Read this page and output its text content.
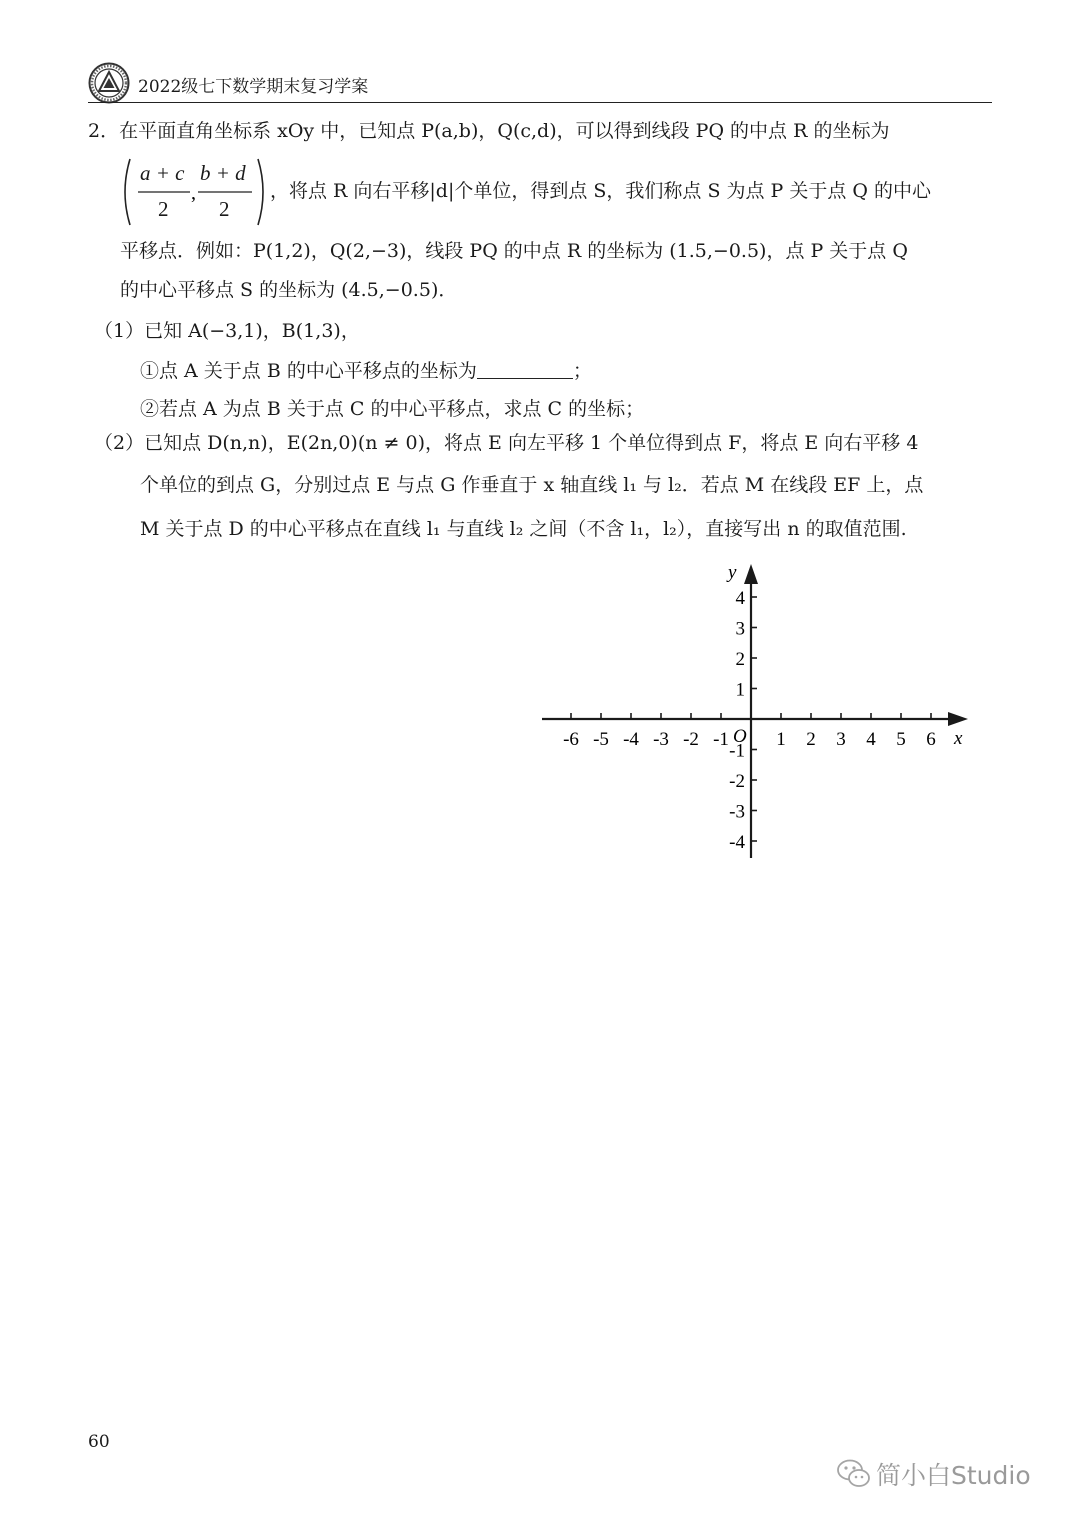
2022级七下数学期末复习学案
2．在平面直角坐标系 xOy 中，已知点 P(a,b)，Q(c,d)，可以得到线段 PQ 的中点 R 的坐标为
,
a + c
2
b + d
2
，将点 R 向右平移|d|个单位，得到点 S，我们称点 S 为点 P 关于点 Q 的中心
平移点．例如：P(1,2)，Q(2,−3)，线段 PQ 的中点 R 的坐标为 (1.5,−0.5)，点 P 关于点 Q
的中心平移点 S 的坐标为 (4.5,−0.5)．
（1）已知 A(−3,1)，B(1,3)，
①点 A 关于点 B 的中心平移点的坐标为	；
②若点 A 为点 B 关于点 C 的中心平移点，求点 C 的坐标；
（2）已知点 D(n,n)，E(2n,0)(n ≠ 0)，将点 E 向左平移 1 个单位得到点 F，将点 E 向右平移 4
个单位的到点 G，分别过点 E 与点 G 作垂直于 x 轴直线 l₁ 与 l₂．若点 M 在线段 EF 上，点
M 关于点 D 的中心平移点在直线 l₁ 与直线 l₂ 之间（不含 l₁，l₂），直接写出 n 的取值范围.
-6 -5 -4 -3 -2 -1 1 2 3 4 5 6
4
3
2
1
-1
-2
-3
-4
x
y
O
60
简小白Studio
